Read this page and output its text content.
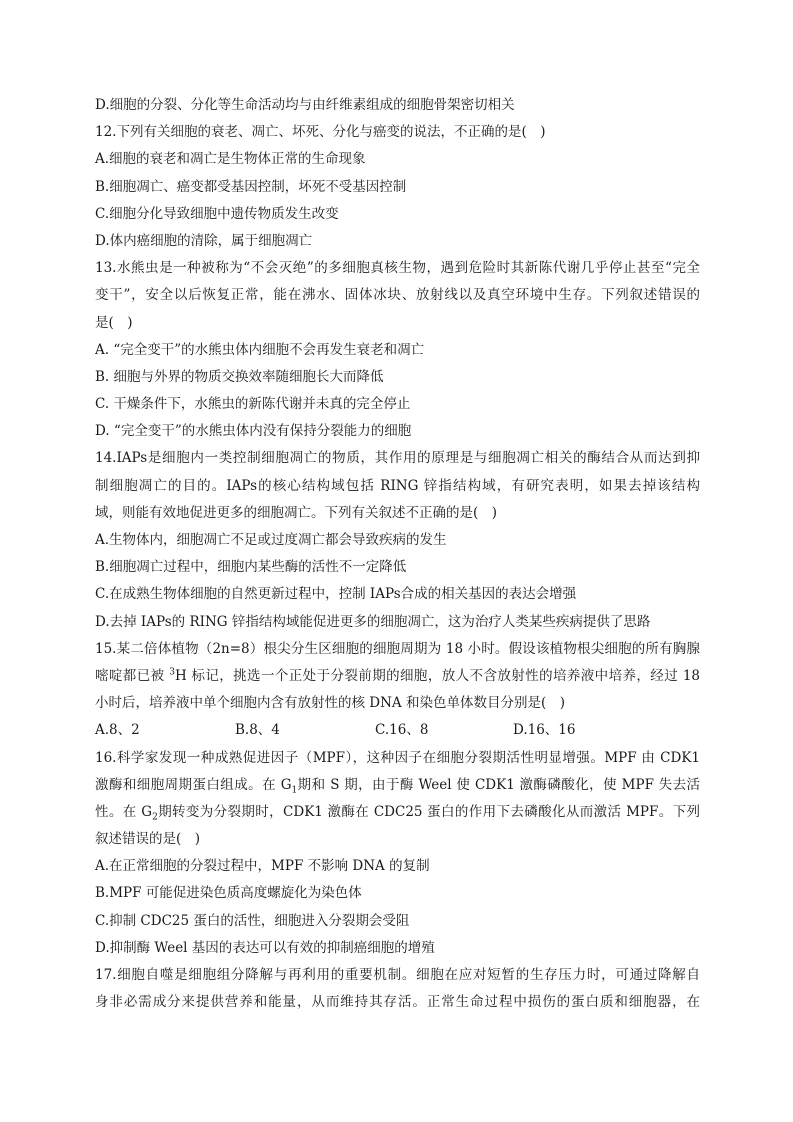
D.细胞的分裂、分化等生命活动均与由纤维素组成的细胞骨架密切相关
12.下列有关细胞的衰老、凋亡、坏死、分化与癌变的说法，不正确的是(　)
A.细胞的衰老和凋亡是生物体正常的生命现象
B.细胞凋亡、癌变都受基因控制，坏死不受基因控制
C.细胞分化导致细胞中遗传物质发生改变
D.体内癌细胞的清除，属于细胞凋亡
13.水熊虫是一种被称为“不会灭绝”的多细胞真核生物，遇到危险时其新陈代谢几乎停止甚至“完全
变干”，安全以后恢复正常，能在沸水、固体冰块、放射线以及真空环境中生存。下列叙述错误的
是(　)
A. “完全变干”的水熊虫体内细胞不会再发生衰老和凋亡
B. 细胞与外界的物质交换效率随细胞长大而降低
C. 干燥条件下，水熊虫的新陈代谢并未真的完全停止
D. “完全变干”的水熊虫体内没有保持分裂能力的细胞
14.IAPs是细胞内一类控制细胞凋亡的物质，其作用的原理是与细胞凋亡相关的酶结合从而达到抑
制细胞凋亡的目的。IAPs的核心结构域包括 RING 锌指结构域，有研究表明，如果去掉该结构
域，则能有效地促进更多的细胞凋亡。下列有关叙述不正确的是(　)
A.生物体内，细胞凋亡不足或过度凋亡都会导致疾病的发生
B.细胞凋亡过程中，细胞内某些酶的活性不一定降低
C.在成熟生物体细胞的自然更新过程中，控制 IAPs合成的相关基因的表达会增强
D.去掉 IAPs的 RING 锌指结构域能促进更多的细胞凋亡，这为治疗人类某些疾病提供了思路
15.某二倍体植物（2n=8）根尖分生区细胞的细胞周期为 18 小时。假设该植物根尖细胞的所有胸腺
嘧啶都已被 $^3$H 标记，挑选一个正处于分裂前期的细胞，放人不含放射性的培养液中培养，经过 18
小时后，培养液中单个细胞内含有放射性的核 DNA 和染色单体数目分别是(　)
A.8、2	B.8、4	C.16、8	D.16、16
16.科学家发现一种成熟促进因子（MPF），这种因子在细胞分裂期活性明显增强。MPF 由 CDK1
激酶和细胞周期蛋白组成。在 $G_1$期和 S 期，由于酶 Weel 使 CDK1 激酶磷酸化，使 MPF 失去活
性。在 $G_2$期转变为分裂期时，CDK1 激酶在 CDC25 蛋白的作用下去磷酸化从而激活 MPF。下列
叙述错误的是(　)
A.在正常细胞的分裂过程中，MPF 不影响 DNA 的复制
B.MPF 可能促进染色质高度螺旋化为染色体
C.抑制 CDC25 蛋白的活性，细胞进入分裂期会受阻
D.抑制酶 Weel 基因的表达可以有效的抑制癌细胞的增殖
17.细胞自噬是细胞组分降解与再利用的重要机制。细胞在应对短暂的生存压力时，可通过降解自
身非必需成分来提供营养和能量，从而维持其存活。正常生命过程中损伤的蛋白质和细胞器，在
